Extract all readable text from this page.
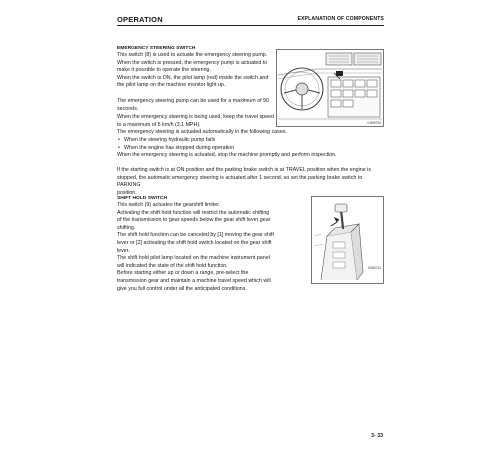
OPERATION	EXPLANATION OF COMPONENTS
EMERGENCY STEERING SWITCH
This switch (8) is used to actuate the emergency steering pump.
When the switch is pressed, the emergency pump is actuated to
make it possible to operate the steering.
When the switch is ON, the pilot lamp (red) inside the switch and
the pilot lamp on the machine monitor light up.
The emergency steering pump can be used for a maximum of 90
seconds.
When the emergency steering is being used, keep the travel speed
to a maximum of 5 km/h (3.1 MPH).
The emergency steering is actuated automatically in the following cases.
• When the steering hydraulic pump fails
• When the engine has stopped during operation
When the emergency steering is actuated, stop the machine promptly and perform inspection.
If the starting switch is at ON position and the parking brake switch is at TRAVEL position when the engine is
stopped, the automatic emergency steering is actuated after 1 second, so set the parking brake switch to PARKING
position.
0JW0720
SHIFT HOLD SWITCH
This switch (9) actuates the gearshift limiter.
Activating the shift hold function will restrict the automatic shifting
of the transmission to gear speeds below the gear shift lever gear
shifting.
The shift hold function can be canceled by [1] moving the gear shift
lever or [2] activating the shift hold switch located on the gear shift
lever.
The shift hold pilot lamp located on the machine instrument panel
will indicated the state of the shift hold function.
Before starting either up or down a range, pre-select the
transmission gear and maintain a machine travel speed which will
give you full control under all the anticipated conditions.
0JW0711
3- 33
